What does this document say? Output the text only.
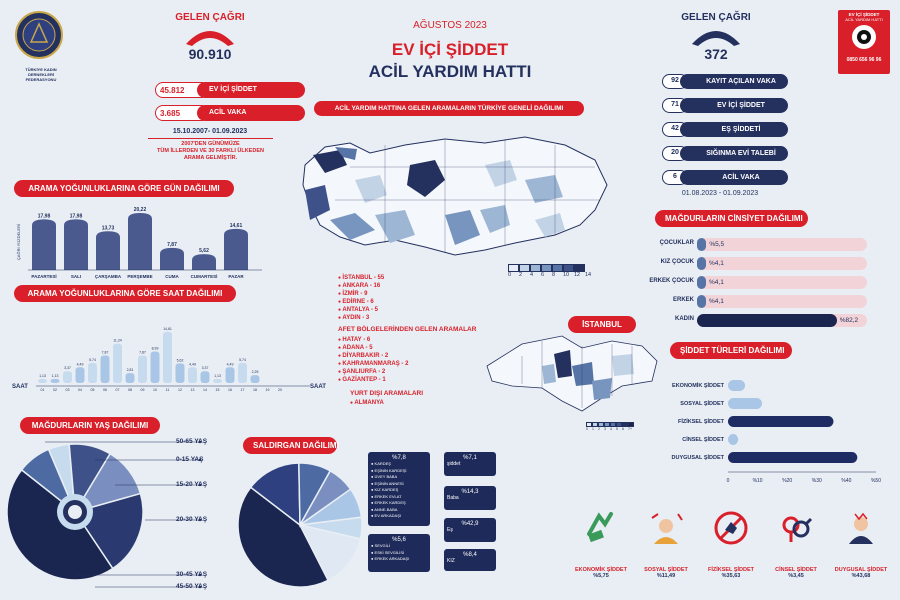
TÜRKİYE KADIN DERNEKLERİ FEDERASYONU
GELEN ÇAĞRI
90.910
45.812	EV İÇİ ŞİDDET
3.685	ACİL VAKA
15.10.2007- 01.09.2023
2007'DEN GÜNÜMÜZE
TÜM İLLERDEN VE 30 FARKLI ÜLKEDEN
ARAMA GELMİŞTİR.
AĞUSTOS 2023
EV İÇİ ŞİDDET
ACİL YARDIM HATTI
GELEN ÇAĞRI
372
92	KAYIT AÇILAN VAKA
71	EV İÇİ ŞİDDET
42	EŞ ŞİDDETİ
20	SIĞINMA EVİ TALEBİ
6	ACİL VAKA
01.08.2023 - 01.09.2023
EV İÇİ ŞİDDET
ACİL YARDIM HATTI
0850 656 96 96
ACİL YARDIM HATTINA GELEN ARAMALARIN TÜRKİYE GENELİ DAĞILIMI
0	2	4	6	8	10 12 14
● İSTANBUL - 55
● ANKARA - 16
● İZMİR - 9
● EDİRNE - 6
● ANTALYA - 5
● AYDIN - 3
AFET BÖLGELERİNDEN GELEN ARAMALAR
● HATAY - 6
● ADANA - 5
● DİYARBAKIR - 2
● KAHRAMANMARAŞ - 2
● ŞANLIURFA - 2
● GAZİANTEP - 1
YURT DIŞI ARAMALARI
● ALMANYA
İSTANBUL
0	1	2	3	4	5	6	7+
ARAMA YOĞUNLUKLARINA GÖRE GÜN DAĞILIMI
ÇAĞRI YÜZDELERİ
17,98
PAZARTESİ
17,98
SALI
13,73
ÇARŞAMBA
20,22
PERŞEMBE
7,87
CUMA
5,62
CUMARTESİ
14,61
PAZAR
ARAMA YOĞUNLUKLARINA GÖRE SAAT DAĞILIMI
1,13
01
1,13
02
3,37
03
4,49
04
5,74
05
7,87
06
11,24
07
2,81
08
7,87
09
8,99
10
14,61
11
5,62
12
4,49
13
3,37
14
1,13
15
4,49
16
5,74
17
2,25
18 19 20
SAAT	SAAT
MAĞDURLARIN YAŞ DAĞILIMI
50-65 YAŞ
0-15 YAŞ
15-20 YAŞ
20-30 YAŞ
30-45 YAŞ
45-50 YAŞ
SALDIRGAN DAĞILIMI
%7,8
● KARDEŞ
● EŞİNİN KARDEŞİ
● ÜVEY BABA
● EŞİNİN ANNESİ
● KIZ KARDEŞ
● ERKEK EVLAT
● ERKEK KARDEŞ
● ANNE-BABA
● EV ARKADAŞI
%7,1
şiddet
%14,3
Baba
%42,9
Eş
%5,6
● SEVGİLİ
● ESKİ SEVGİLİSİ
● ERKEK ARKADAŞI
%8,4
KIZ
MAĞDURLARIN CİNSİYET DAĞILIMI
ÇOCUKLAR %5,5
KIZ ÇOCUK %4,1
ERKEK ÇOCUK %4,1
ERKEK %4,1
KADIN	%82,2
ŞİDDET TÜRLERİ DAĞILIMI
EKONOMİK ŞİDDET
SOSYAL ŞİDDET
FİZİKSEL ŞİDDET
CİNSEL ŞİDDET
DUYGUSAL ŞİDDET
0	%10	%20	%30	%40	%50
EKONOMİK ŞİDDET
%5,75
SOSYAL ŞİDDET
%11,49
FİZİKSEL ŞİDDET
%35,63
CİNSEL ŞİDDET
%3,45
DUYGUSAL ŞİDDET
%43,68
